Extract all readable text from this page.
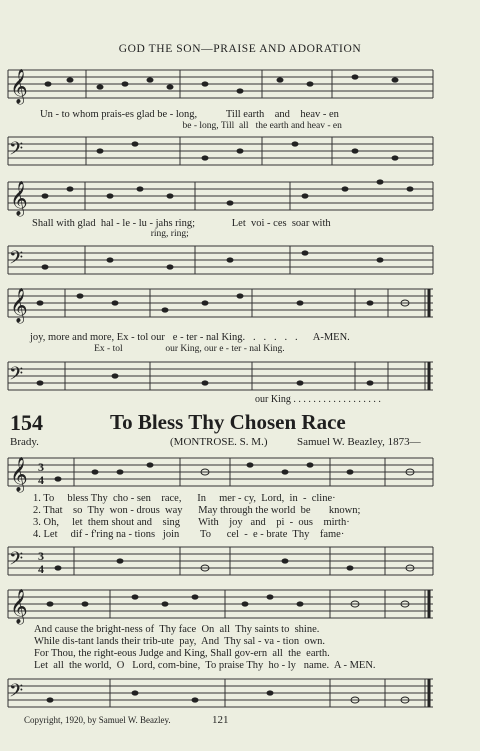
GOD THE SON—PRAISE AND ADORATION
𝄞
Un - to whom prais-es glad be - long,           Till earth    and    heav - en
be - long, Till  all   the earth and heav - en
𝄢
𝄞
Shall with glad  hal - le - lu - jahs ring;              Let  voi - ces  soar with
ring, ring;
𝄢
𝄞
joy, more and more, Ex - tol our   e - ter - nal King.   .   .   .   .   .      A-MEN.
Ex - tol                  our King, our e - ter - nal King.
𝄢
our King . . . . . . . . . . . . . . . . . .
154	To Bless Thy Chosen Race
Brady.	(MONTROSE. S. M.)	Samuel W. Beazley, 1873—
𝄞 3
4
1. To     bless Thy  cho - sen    race,      In     mer - cy,  Lord,  in  -  cline·
2. That    so  Thy  won - drous  way      May through the world  be       known;
3. Oh,     let  them shout and    sing       With    joy   and    pi  -  ous    mirth·
4. Let     dif - f'ring na - tions   join        To      cel  -  e - brate  Thy    fame·
𝄢 3
4
𝄞
And cause the bright-ness of  Thy face  On  all  Thy saints to  shine.
While dis-tant lands their trib-ute  pay,  And  Thy sal - va - tion  own.
For Thou, the right-eous Judge and King, Shall gov-ern  all  the  earth.
Let  all  the world,  O   Lord, com-bine,  To praise Thy  ho - ly   name.  A - MEN.
𝄢
Copyright, 1920, by Samuel W. Beazley.	121
